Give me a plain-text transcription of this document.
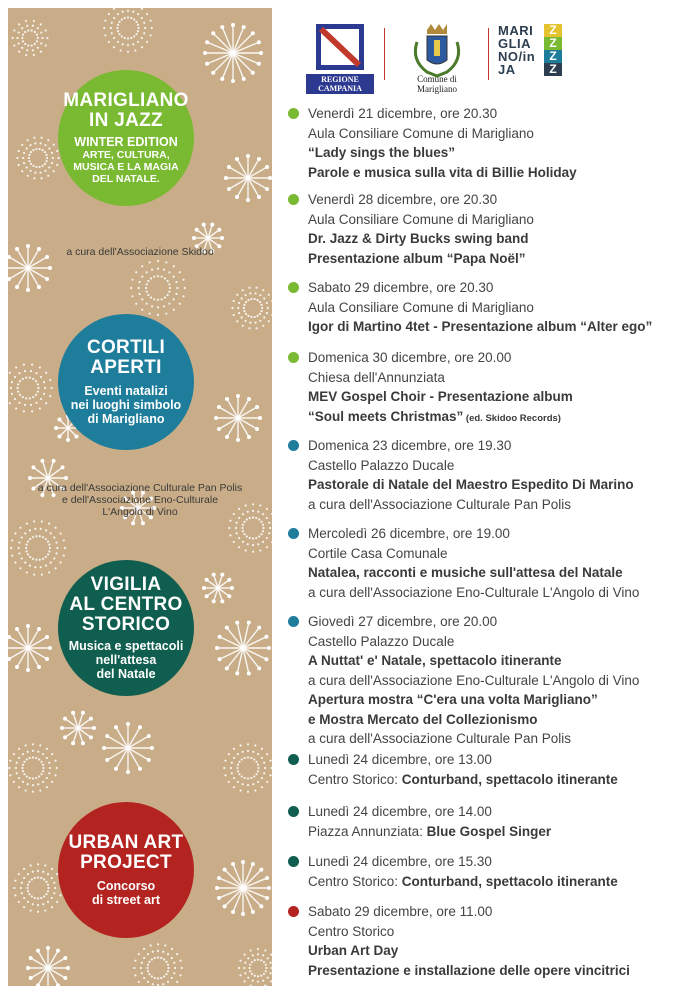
MARIGLIANO
IN JAZZ
WINTER EDITION
ARTE, CULTURA,
MUSICA E LA MAGIA
DEL NATALE.
a cura dell'Associazione Skidoo
CORTILI
APERTI
Eventi natalizi
nei luoghi simbolo
di Marigliano
a cura dell'Associazione Culturale Pan Polis
e dell'Associazione Eno-Culturale
L'Angolo di Vino
VIGILIA
AL CENTRO
STORICO
Musica e spettacoli
nell'attesa
del Natale
URBAN ART
PROJECT
Concorso
di street art
REGIONE CAMPANIA
Comune di Marigliano
MARI
GLIA
NO/in
JA
Z
Z
Z
Z
Venerdì 21 dicembre, ore 20.30
Aula Consiliare Comune di Marigliano
“Lady sings the blues”
Parole e musica sulla vita di Billie Holiday
Venerdì 28 dicembre, ore 20.30
Aula Consiliare Comune di Marigliano
Dr. Jazz & Dirty Bucks swing band
Presentazione album “Papa Noël”
Sabato 29 dicembre, ore 20.30
Aula Consiliare Comune di Marigliano
Igor di Martino 4tet - Presentazione album “Alter ego”
Domenica 30 dicembre, ore 20.00
Chiesa dell'Annunziata
MEV Gospel Choir - Presentazione album
“Soul meets Christmas” (ed. Skidoo Records)
Domenica 23 dicembre, ore 19.30
Castello Palazzo Ducale
Pastorale di Natale del Maestro Espedito Di Marino
a cura dell'Associazione Culturale Pan Polis
Mercoledì 26 dicembre, ore 19.00
Cortile Casa Comunale
Natalea, racconti e musiche sull'attesa del Natale
a cura dell'Associazione Eno-Culturale L'Angolo di Vino
Giovedì 27 dicembre, ore 20.00
Castello Palazzo Ducale
A Nuttat' e' Natale, spettacolo itinerante
a cura dell'Associazione Eno-Culturale L'Angolo di Vino
Apertura mostra “C'era una volta Marigliano”
e Mostra Mercato del Collezionismo
a cura dell'Associazione Culturale Pan Polis
Lunedì 24 dicembre, ore 13.00
Centro Storico: Conturband, spettacolo itinerante
Lunedì 24 dicembre, ore 14.00
Piazza Annunziata: Blue Gospel Singer
Lunedì 24 dicembre, ore 15.30
Centro Storico: Conturband, spettacolo itinerante
Sabato 29 dicembre, ore 11.00
Centro Storico
Urban Art Day
Presentazione e installazione delle opere vincitrici
